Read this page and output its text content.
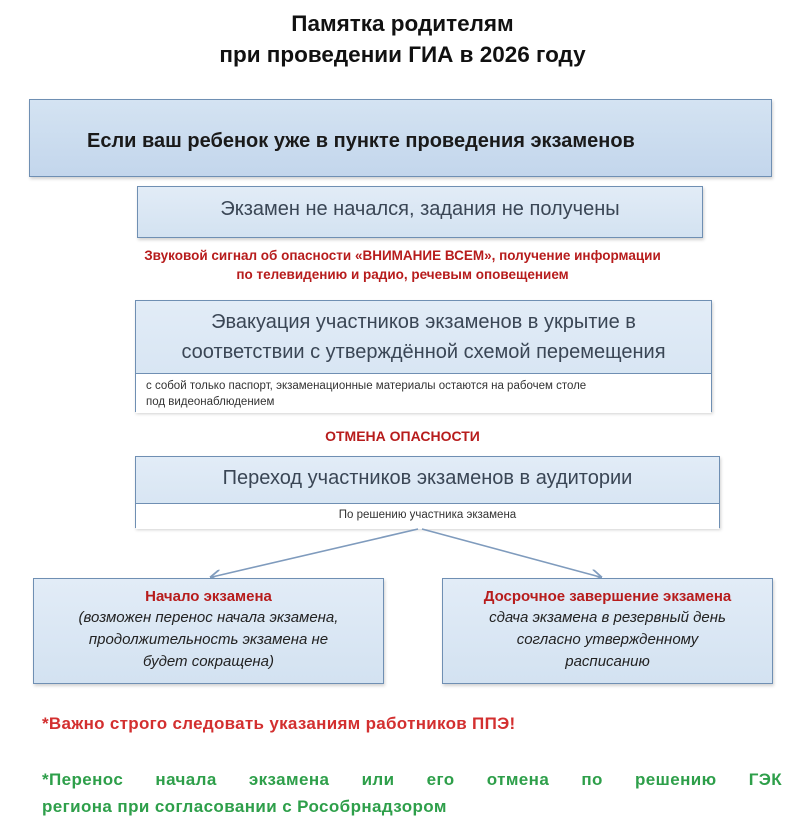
Памятка родителям
при проведении ГИА в 2026 году
Если ваш ребенок уже в пункте проведения экзаменов
Экзамен не начался, задания не получены
Звуковой сигнал об опасности «ВНИМАНИЕ ВСЕМ», получение информации
по телевидению и радио, речевым оповещением
Эвакуация участников экзаменов в укрытие в
соответствии с утверждённой схемой перемещения
с собой только паспорт, экзаменационные материалы остаются на рабочем столе
под видеонаблюдением
ОТМЕНА ОПАСНОСТИ
Переход участников экзаменов в аудитории
По решению участника экзамена
Начало экзамена
(возможен перенос начала экзамена,
продолжительность экзамена не
будет сокращена)
Досрочное завершение экзамена
сдача экзамена в резервный день
согласно утвержденному
расписанию
*Важно строго следовать указаниям работников ППЭ!
*Перенос начала экзамена или его отмена по решению ГЭК
региона при согласовании с Рособрнадзором
